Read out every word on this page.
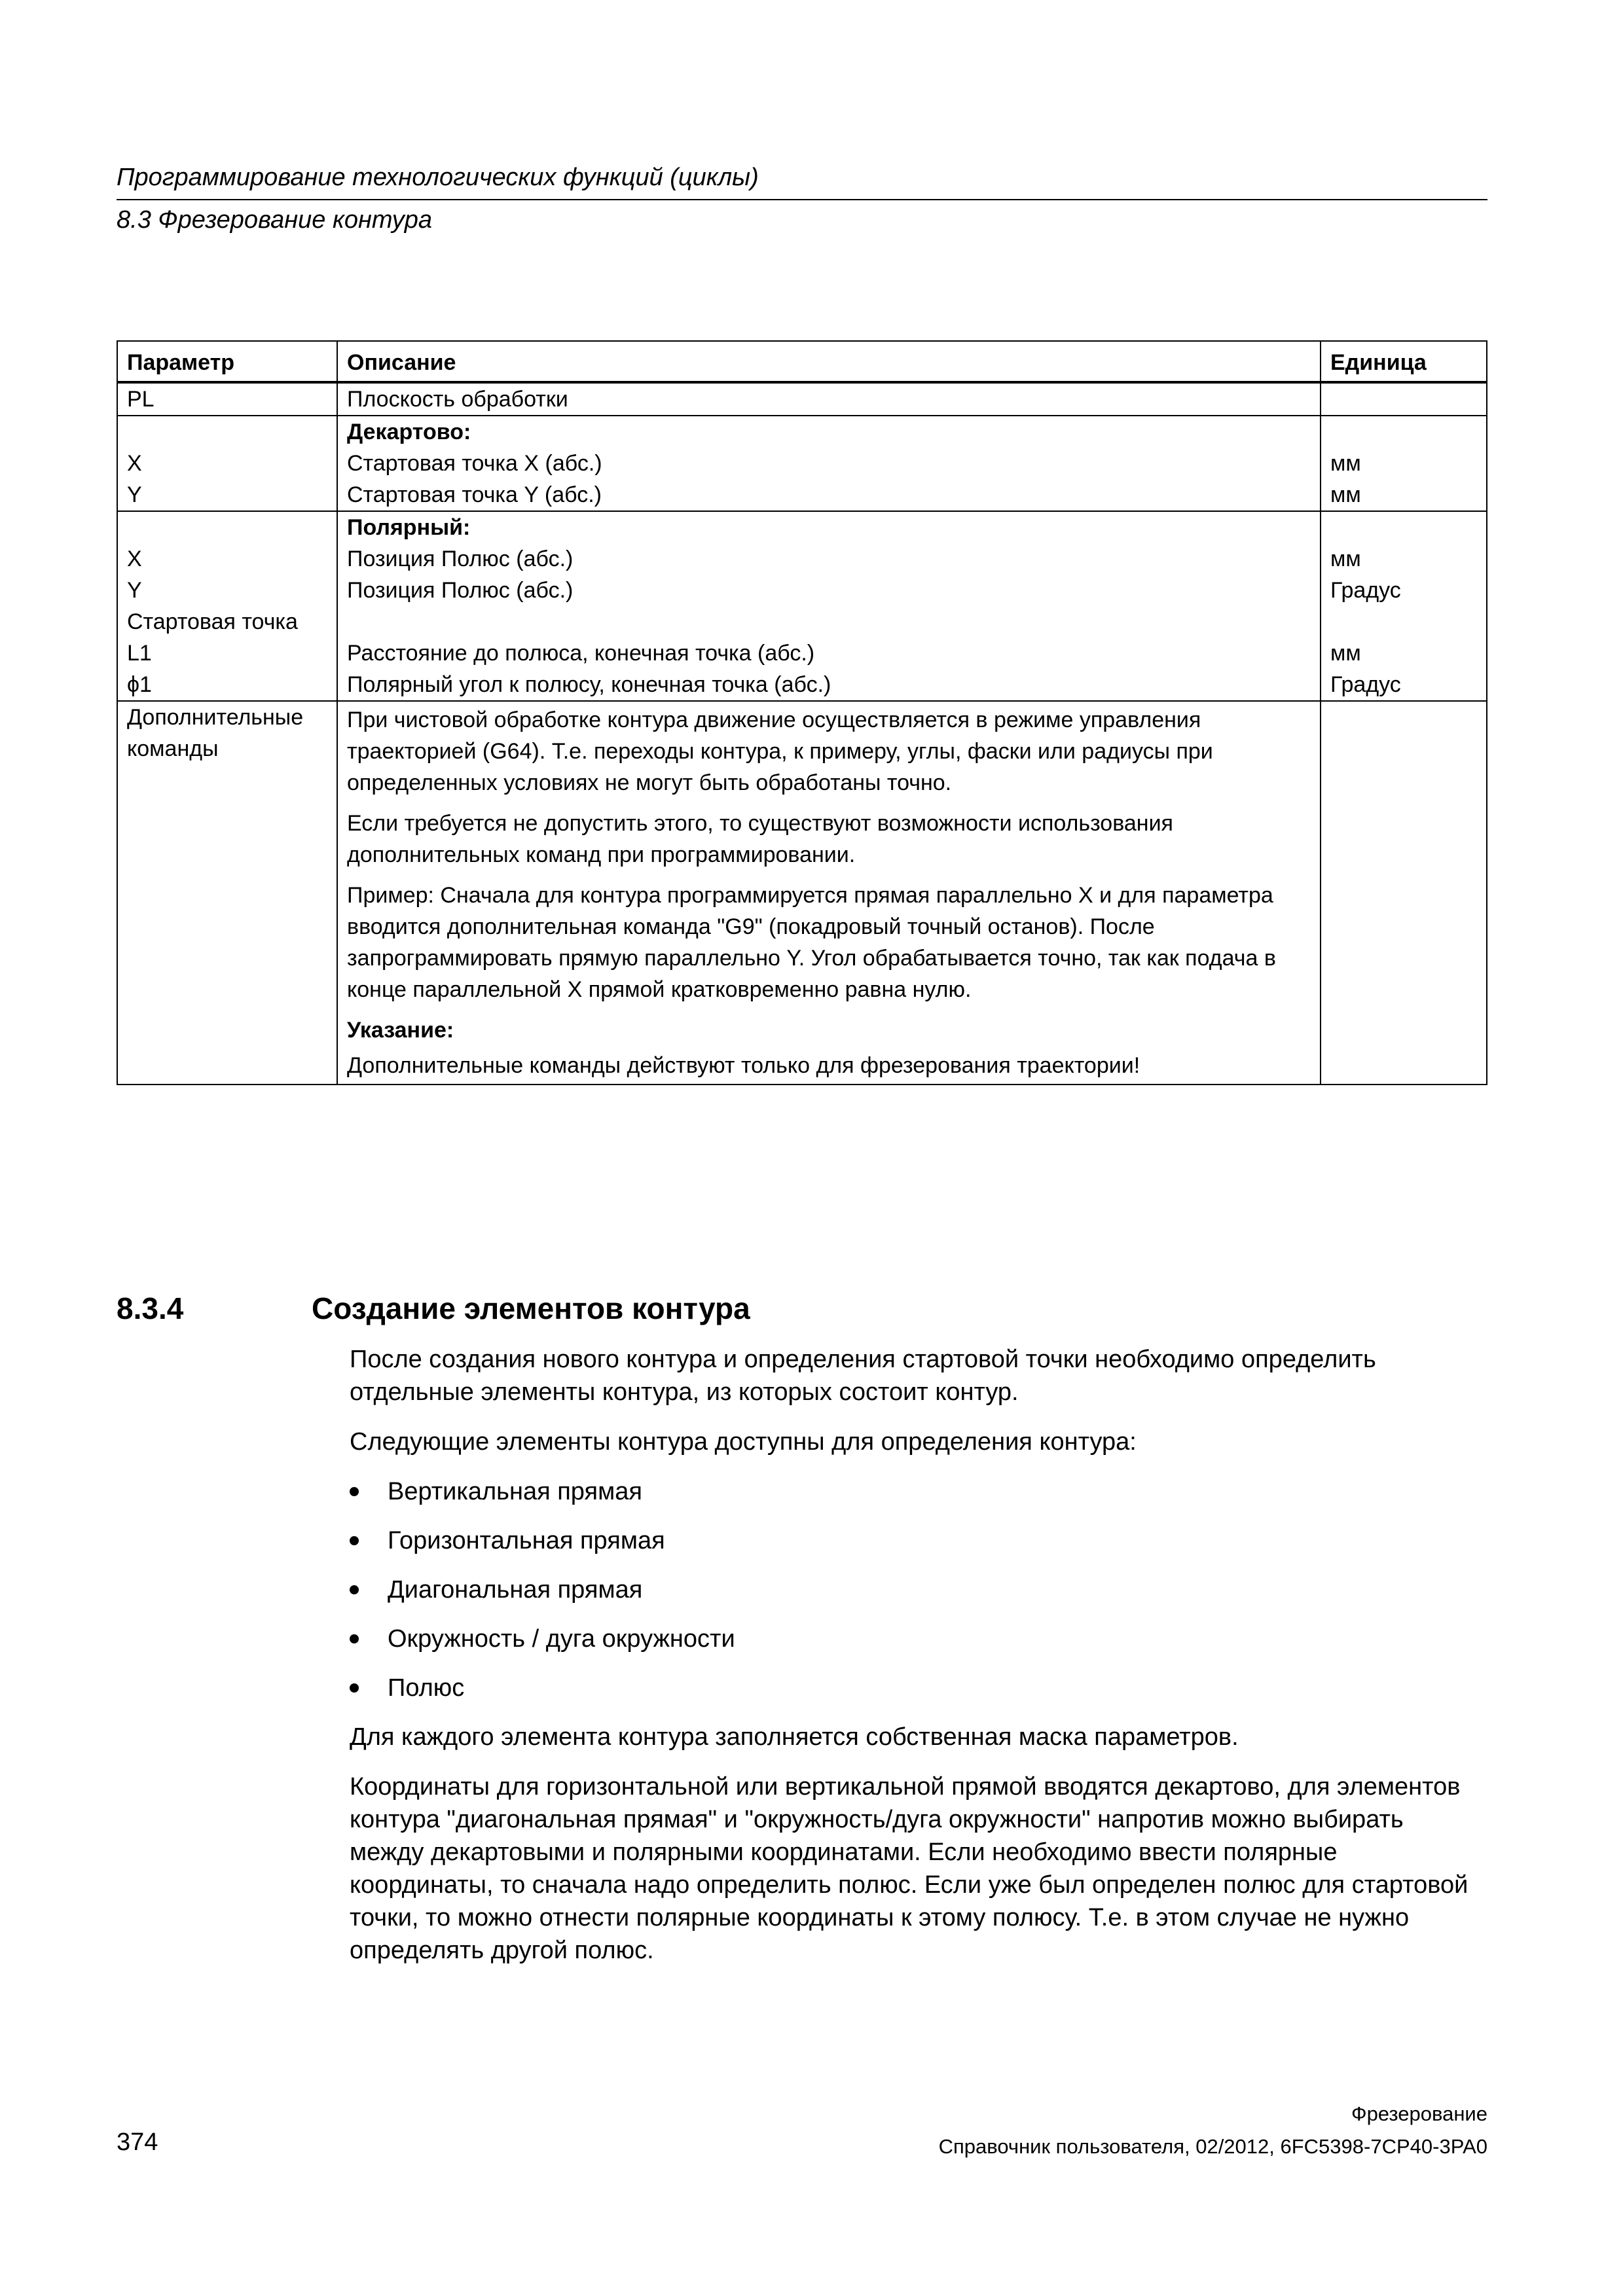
Программирование технологических функций (циклы)
8.3 Фрезерование контура
Параметр	Описание	Единица
PL	Плоскость обработки	
	Декартово:	
X	Стартовая точка X (абс.)	мм
Y	Стартовая точка Y (абс.)	мм
	Полярный:	
X	Позиция Полюс (абс.)	мм
Y	Позиция Полюс (абс.)	Градус
Стартовая точка		
L1	Расстояние до полюса, конечная точка (абс.)	мм
ϕ1	Полярный угол к полюсу, конечная точка (абс.)	Градус
Дополнительные команды	При чистовой обработке контура движение осуществляется в режиме управления траекторией (G64). Т.е. переходы контура, к примеру, углы, фаски или радиусы при определенных условиях не могут быть обработаны точно.
Если требуется не допустить этого, то существуют возможности использования дополнительных команд при программировании.
Пример: Сначала для контура программируется прямая параллельно X и для параметра вводится дополнительная команда "G9" (покадровый точный останов). После запрограммировать прямую параллельно Y. Угол обрабатывается точно, так как подача в конце параллельной X прямой кратковременно равна нулю.
Указание:
Дополнительные команды действуют только для фрезерования траектории!	

8.3.4	Создание элементов контура

После создания нового контура и определения стартовой точки необходимо определить отдельные элементы контура, из которых состоит контур.

Следующие элементы контура доступны для определения контура:

Вертикальная прямая
Горизонтальная прямая
Диагональная прямая
Окружность / дуга окружности
Полюс

Для каждого элемента контура заполняется собственная маска параметров.

Координаты для горизонтальной или вертикальной прямой вводятся декартово, для элементов контура "диагональная прямая" и "окружность/дуга окружности" напротив можно выбирать между декартовыми и полярными координатами. Если необходимо ввести полярные координаты, то сначала надо определить полюс. Если уже был определен полюс для стартовой точки, то можно отнести полярные координаты к этому полюсу. Т.е. в этом случае не нужно определять другой полюс.

Фрезерование
374	Справочник пользователя, 02/2012, 6FC5398-7CP40-3PA0
